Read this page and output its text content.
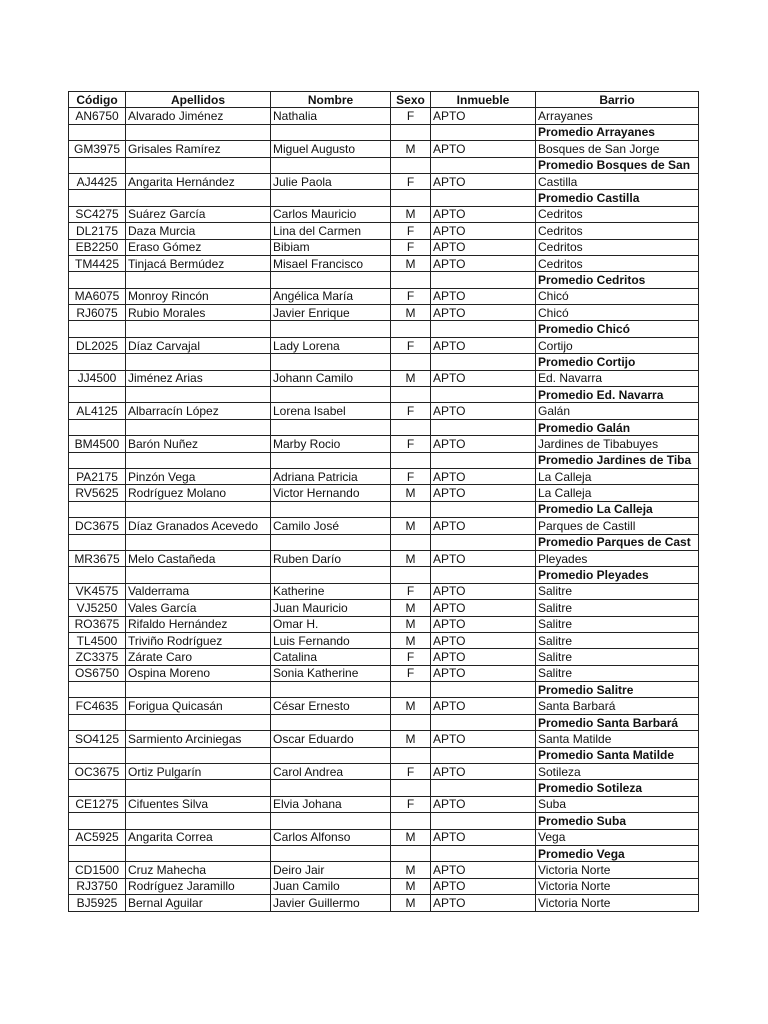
Código	Apellidos	Nombre	Sexo	Inmueble	Barrio
AN6750	Alvarado Jiménez	Nathalia	F	APTO	Arrayanes
					Promedio Arrayanes
GM3975	Grisales Ramírez	Miguel Augusto	M	APTO	Bosques de San Jorge
					Promedio Bosques de San
AJ4425	Angarita Hernández	Julie Paola	F	APTO	Castilla
					Promedio Castilla
SC4275	Suárez García	Carlos Mauricio	M	APTO	Cedritos
DL2175	Daza Murcia	Lina del Carmen	F	APTO	Cedritos
EB2250	Eraso Gómez	Bibiam	F	APTO	Cedritos
TM4425	Tinjacá Bermúdez	Misael Francisco	M	APTO	Cedritos
					Promedio Cedritos
MA6075	Monroy Rincón	Angélica María	F	APTO	Chicó
RJ6075	Rubio Morales	Javier Enrique	M	APTO	Chicó
					Promedio Chicó
DL2025	Díaz Carvajal	Lady Lorena	F	APTO	Cortijo
					Promedio Cortijo
JJ4500	Jiménez Arias	Johann Camilo	M	APTO	Ed. Navarra
					Promedio Ed. Navarra
AL4125	Albarracín López	Lorena Isabel	F	APTO	Galán
					Promedio Galán
BM4500	Barón Nuñez	Marby Rocio	F	APTO	Jardines de Tibabuyes
					Promedio Jardines de Tiba
PA2175	Pinzón Vega	Adriana Patricia	F	APTO	La Calleja
RV5625	Rodríguez Molano	Victor Hernando	M	APTO	La Calleja
					Promedio La Calleja
DC3675	Díaz Granados Acevedo	Camilo José	M	APTO	Parques de Castill
					Promedio Parques de Cast
MR3675	Melo Castañeda	Ruben Darío	M	APTO	Pleyades
					Promedio Pleyades
VK4575	Valderrama	Katherine	F	APTO	Salitre
VJ5250	Vales García	Juan Mauricio	M	APTO	Salitre
RO3675	Rifaldo Hernández	Omar H.	M	APTO	Salitre
TL4500	Triviño Rodríguez	Luis Fernando	M	APTO	Salitre
ZC3375	Zárate Caro	Catalina	F	APTO	Salitre
OS6750	Ospina Moreno	Sonia Katherine	F	APTO	Salitre
					Promedio Salitre
FC4635	Forigua Quicasán	César Ernesto	M	APTO	Santa Barbará
					Promedio Santa Barbará
SO4125	Sarmiento Arciniegas	Oscar Eduardo	M	APTO	Santa Matilde
					Promedio Santa Matilde
OC3675	Ortiz Pulgarín	Carol Andrea	F	APTO	Sotileza
					Promedio Sotileza
CE1275	Cifuentes Silva	Elvia Johana	F	APTO	Suba
					Promedio Suba
AC5925	Angarita Correa	Carlos Alfonso	M	APTO	Vega
					Promedio Vega
CD1500	Cruz Mahecha	Deiro Jair	M	APTO	Victoria Norte
RJ3750	Rodríguez Jaramillo	Juan Camilo	M	APTO	Victoria Norte
BJ5925	Bernal Aguilar	Javier Guillermo	M	APTO	Victoria Norte
